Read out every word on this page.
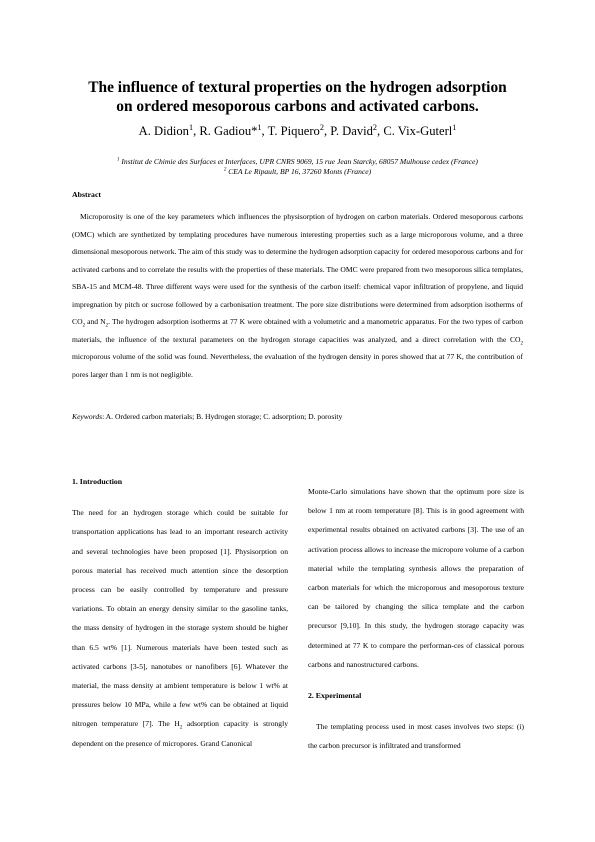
The influence of textural properties on the hydrogen adsorption
on ordered mesoporous carbons and activated carbons.
A. Didion$^1$, R. Gadiou*$^1$, T. Piquero$^2$, P. David$^2$, C. Vix-Guterl$^1$
$^1$ Institut de Chimie des Surfaces et Interfaces, UPR CNRS 9069, 15 rue Jean Starcky, 68057 Mulhouse cedex (France)
$^2$ CEA Le Ripault, BP 16, 37260 Monts (France)
Abstract
Microporosity is one of the key parameters which influences the physisorption of hydrogen on carbon materials. Ordered mesoporous carbons (OMC) which are synthetized by templating procedures have numerous interesting properties such as a large microporous volume, and a three dimensional mesoporous network. The aim of this study was to determine the hydrogen adsorption capacity for ordered mesoporous carbons and for activated carbons and to correlate the results with the properties of these materials. The OMC were prepared from two mesoporous silica templates, SBA-15 and MCM-48. Three different ways were used for the synthesis of the carbon itself: chemical vapor infiltration of propylene, and liquid impregnation by pitch or sucrose followed by a carbonisation treatment. The pore size distributions were determined from adsorption isotherms of $CO_2$ and $N_2$. The hydrogen adsorption isotherms at 77 K were obtained with a volumetric and a manometric apparatus. For the two types of carbon materials, the influence of the textural parameters on the hydrogen storage capacities was analyzed, and a direct correlation with the $CO_2$ microporous volume of the solid was found. Nevertheless, the evaluation of the hydrogen density in pores showed that at 77 K, the contribution of pores larger than 1 nm is not negligible.
Keywords: A. Ordered carbon materials; B. Hydrogen storage; C. adsorption; D. porosity

1. Introduction

The need for an hydrogen storage which could be suitable for transportation applications has lead to an important research activity and several technologies have been proposed [1]. Physisorption on porous material has received much attention since the desorption process can be easily controlled by temperature and pressure variations. To obtain an energy density similar to the gasoline tanks, the mass density of hydrogen in the storage system should be higher than 6.5 wt% [1]. Numerous materials have been tested such as activated carbons [3-5], nanotubes or nanofibers [6]. Whatever the material, the mass density at ambient temperature is below 1 wt% at pressures below 10 MPa, while a few wt% can be obtained at liquid nitrogen temperature [7]. The $H_2$ adsorption capacity is strongly dependent on the presence of micropores. Grand Canonical

Monte-Carlo simulations have shown that the optimum pore size is below 1 nm at room temperature [8]. This is in good agreement with experimental results obtained on activated carbons [3]. The use of an activation process allows to increase the micropore volume of a carbon material while the templating synthesis allows the preparation of carbon materials for which the microporous and mesoporous texture can be tailored by changing the silica template and the carbon precursor [9,10]. In this study, the hydrogen storage capacity was determined at 77 K to compare the performan-ces of classical porous carbons and nanostructured carbons.

2. Experimental

The templating process used in most cases involves two steps: (i) the carbon precursor is infiltrated and transformed
